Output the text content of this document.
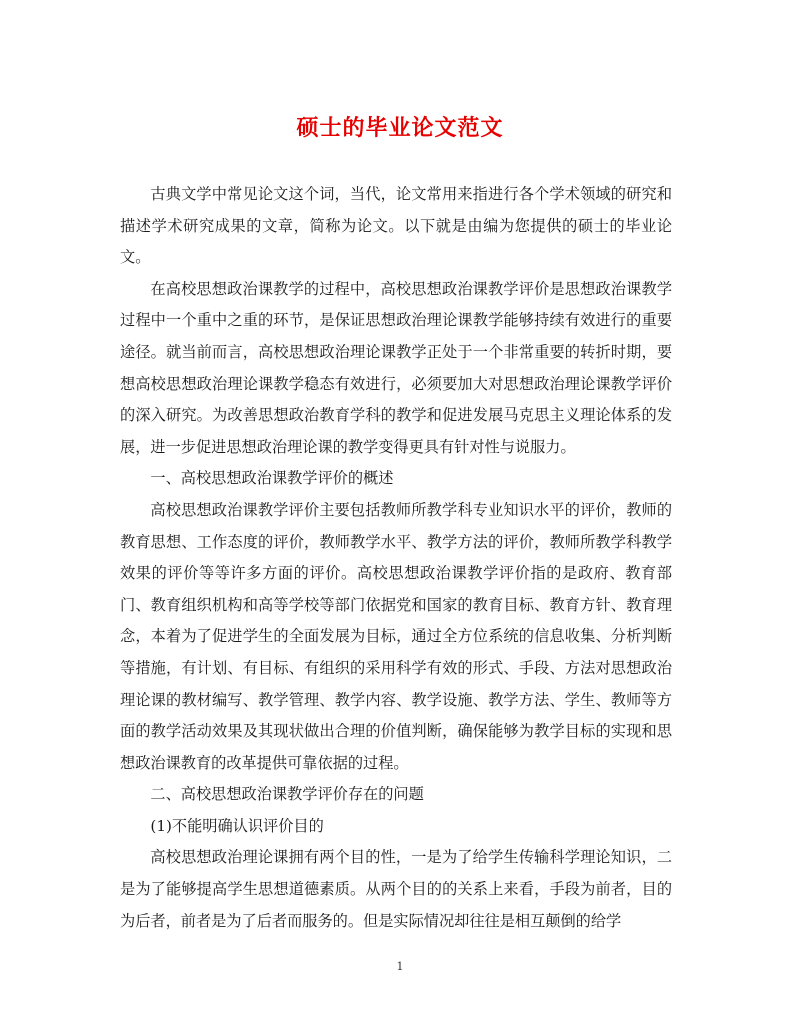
硕士的毕业论文范文

古典文学中常见论文这个词，当代，论文常用来指进行各个学术领域的研究和描述学术研究成果的文章，简称为论文。以下就是由编为您提供的硕士的毕业论文。

在高校思想政治课教学的过程中，高校思想政治课教学评价是思想政治课教学过程中一个重中之重的环节，是保证思想政治理论课教学能够持续有效进行的重要途径。就当前而言，高校思想政治理论课教学正处于一个非常重要的转折时期，要想高校思想政治理论课教学稳态有效进行，必须要加大对思想政治理论课教学评价的深入研究。为改善思想政治教育学科的教学和促进发展马克思主义理论体系的发展，进一步促进思想政治理论课的教学变得更具有针对性与说服力。

一、高校思想政治课教学评价的概述

高校思想政治课教学评价主要包括教师所教学科专业知识水平的评价，教师的教育思想、工作态度的评价，教师教学水平、教学方法的评价，教师所教学科教学效果的评价等等许多方面的评价。高校思想政治课教学评价指的是政府、教育部门、教育组织机构和高等学校等部门依据党和国家的教育目标、教育方针、教育理念，本着为了促进学生的全面发展为目标，通过全方位系统的信息收集、分析判断等措施，有计划、有目标、有组织的采用科学有效的形式、手段、方法对思想政治理论课的教材编写、教学管理、教学内容、教学设施、教学方法、学生、教师等方面的教学活动效果及其现状做出合理的价值判断，确保能够为教学目标的实现和思想政治课教育的改革提供可靠依据的过程。

二、高校思想政治课教学评价存在的问题

(1)不能明确认识评价目的

高校思想政治理论课拥有两个目的性，一是为了给学生传输科学理论知识，二是为了能够提高学生思想道德素质。从两个目的的关系上来看，手段为前者，目的为后者，前者是为了后者而服务的。但是实际情况却往往是相互颠倒的给学

1
